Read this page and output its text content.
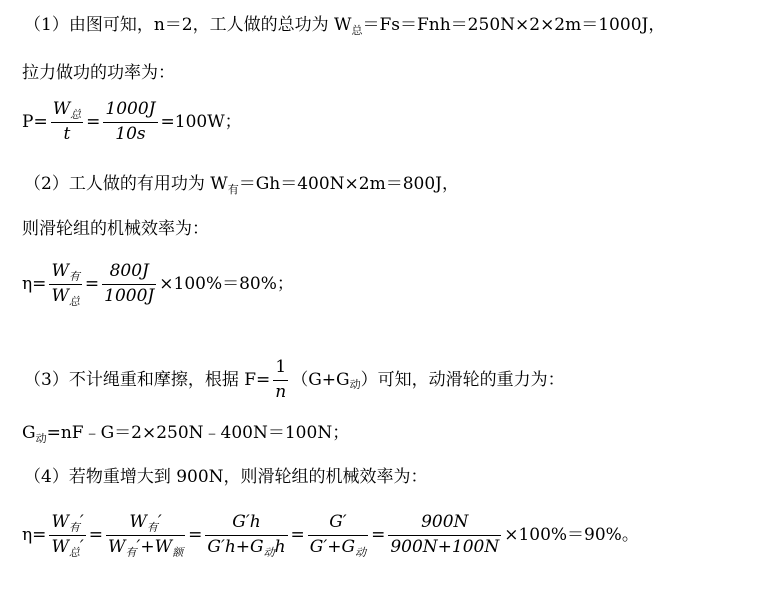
（1）由图可知，n＝2，工人做的总功为 $W_总=Fs=Fnh=250N\times 2\times 2m=1000J$，
拉力做功的功率为：
$P= \frac{W_总}{t} = \frac{1000J}{10s} =100W$；
（2）工人做的有用功为 $W_有=Gh=400N\times 2m=800J$，
则滑轮组的机械效率为：
$\eta= \frac{W_有}{W_总} = \frac{800J}{1000J} \times 100\%=80\%$；
（3）不计绳重和摩擦，根据 $F= \frac{1}{n} (G+G$ 动 ）可知，动滑轮的重力为：
$G_动=nF﹣G=2\times 250N﹣400N=100N$；
（4）若物重增大到 900N，则滑轮组的机械效率为：
$\eta= \frac{W_有'}{W_总'} = \frac{W_有'}{W_有'+W_额} = \frac{G'h}{G'h+G_动h} = \frac{G'}{G'+G_动} = \frac{900N}{900N+100N} \times 100\%=90\%$。
